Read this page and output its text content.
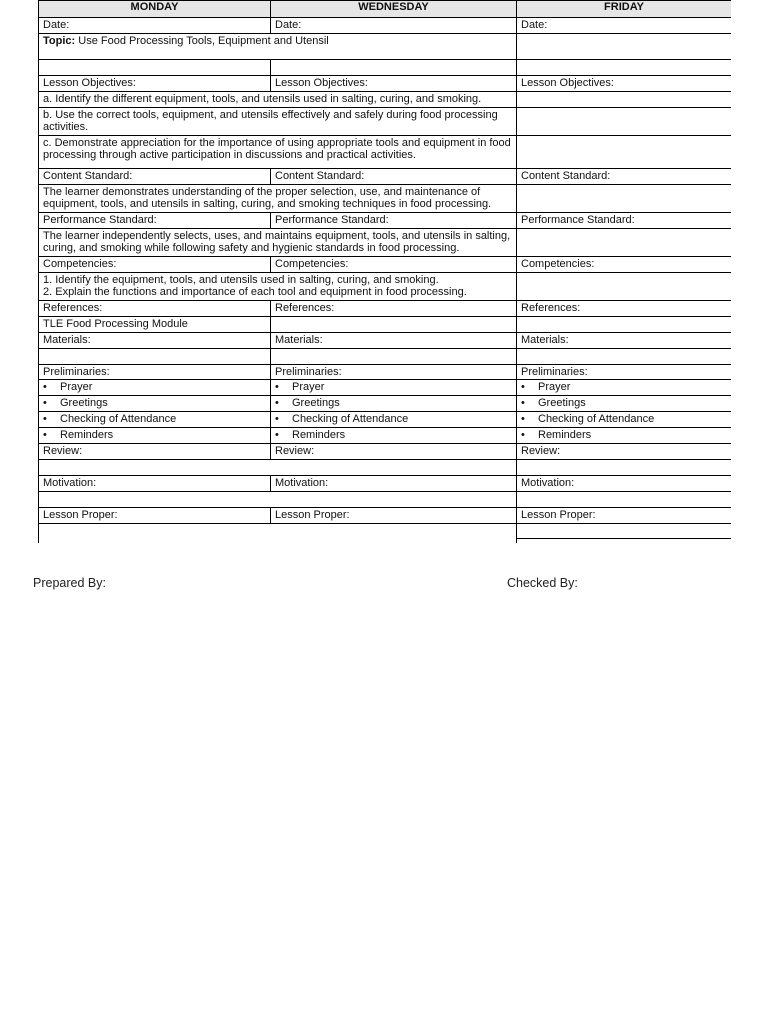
MONDAY	WEDNESDAY	FRIDAY
Date:	Date:	Date:
Topic: Use Food Processing Tools, Equipment and Utensil		

Lesson Objectives:	Lesson Objectives:	Lesson Objectives:
a. Identify the different equipment, tools, and utensils used in salting, curing, and smoking.		
b. Use the correct tools, equipment, and utensils effectively and safely during food processing activities.		
c. Demonstrate appreciation for the importance of using appropriate tools and equipment in food processing through active participation in discussions and practical activities.		
Content Standard:	Content Standard:	Content Standard:
The learner demonstrates understanding of the proper selection, use, and maintenance of equipment, tools, and utensils in salting, curing, and smoking techniques in food processing.		
Performance Standard:	Performance Standard:	Performance Standard:
The learner independently selects, uses, and maintains equipment, tools, and utensils in salting, curing, and smoking while following safety and hygienic standards in food processing.		
Competencies:	Competencies:	Competencies:

1. Identify the equipment, tools, and utensils used in salting, curing, and smoking.
2. Explain the functions and importance of each tool and equipment in food processing.		

References:	References:	References:
TLE Food Processing Module		
Materials:	Materials:	Materials:

Preliminaries:	Preliminaries:	Preliminaries:
• Prayer	• Prayer	• Prayer
• Greetings	• Greetings	• Greetings
• Checking of Attendance	• Checking of Attendance	• Checking of Attendance
• Reminders	• Reminders	• Reminders
Review:	Review:	Review:

Motivation:	Motivation:	Motivation:

Lesson Proper:	Lesson Proper:	Lesson Proper:

Prepared By:	Checked By:
